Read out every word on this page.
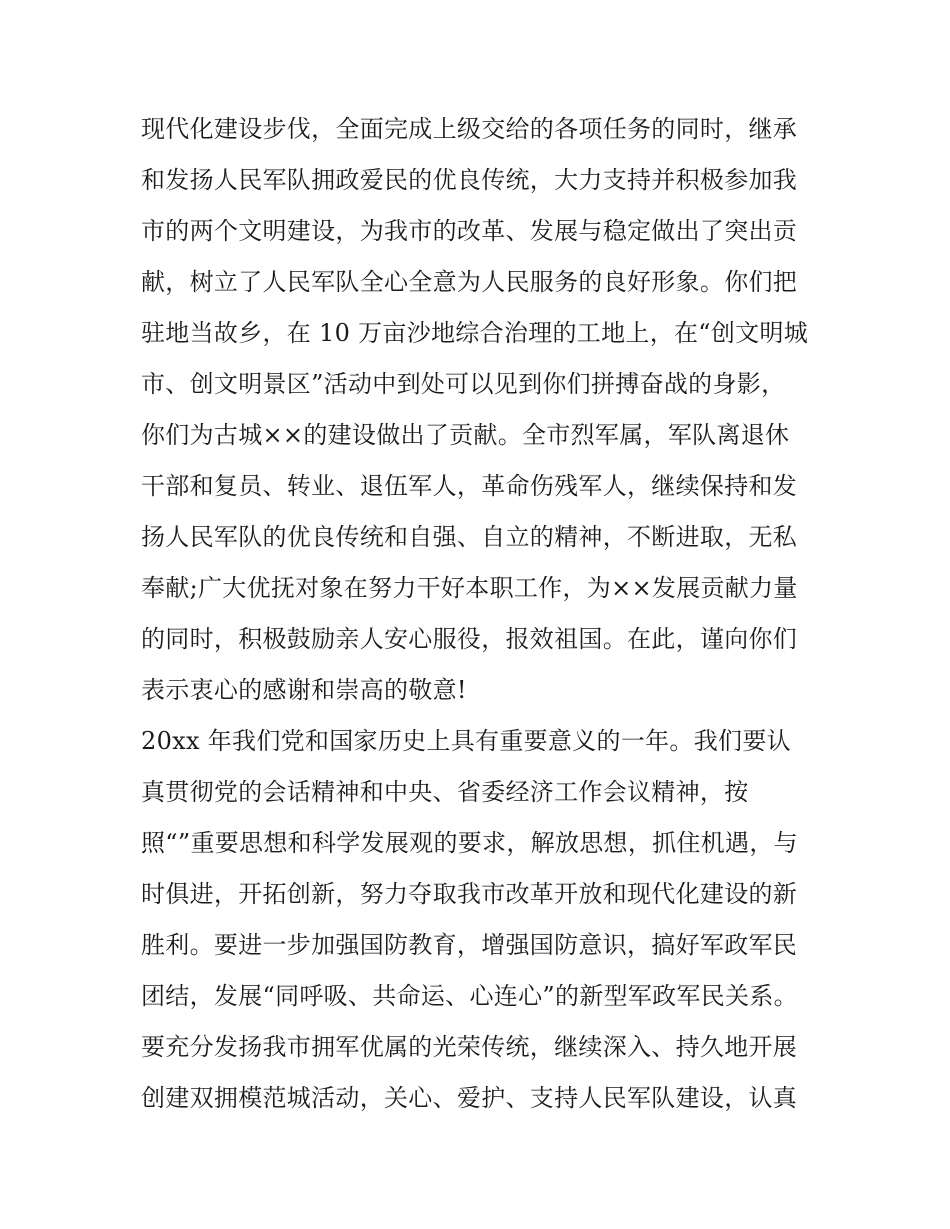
现代化建设步伐，全面完成上级交给的各项任务的同时，继承
和发扬人民军队拥政爱民的优良传统，大力支持并积极参加我
市的两个文明建设，为我市的改革、发展与稳定做出了突出贡
献，树立了人民军队全心全意为人民服务的良好形象。你们把
驻地当故乡，在 10 万亩沙地综合治理的工地上，在“创文明城
市、创文明景区”活动中到处可以见到你们拼搏奋战的身影，
你们为古城××的建设做出了贡献。全市烈军属，军队离退休
干部和复员、转业、退伍军人，革命伤残军人，继续保持和发
扬人民军队的优良传统和自强、自立的精神，不断进取，无私
奉献;广大优抚对象在努力干好本职工作，为××发展贡献力量
的同时，积极鼓励亲人安心服役，报效祖国。在此，谨向你们
表示衷心的感谢和崇高的敬意!
20xx 年我们党和国家历史上具有重要意义的一年。我们要认
真贯彻党的会话精神和中央、省委经济工作会议精神，按
照“”重要思想和科学发展观的要求，解放思想，抓住机遇，与
时俱进，开拓创新，努力夺取我市改革开放和现代化建设的新
胜利。要进一步加强国防教育，增强国防意识，搞好军政军民
团结，发展“同呼吸、共命运、心连心”的新型军政军民关系。
要充分发扬我市拥军优属的光荣传统，继续深入、持久地开展
创建双拥模范城活动，关心、爱护、支持人民军队建设，认真
